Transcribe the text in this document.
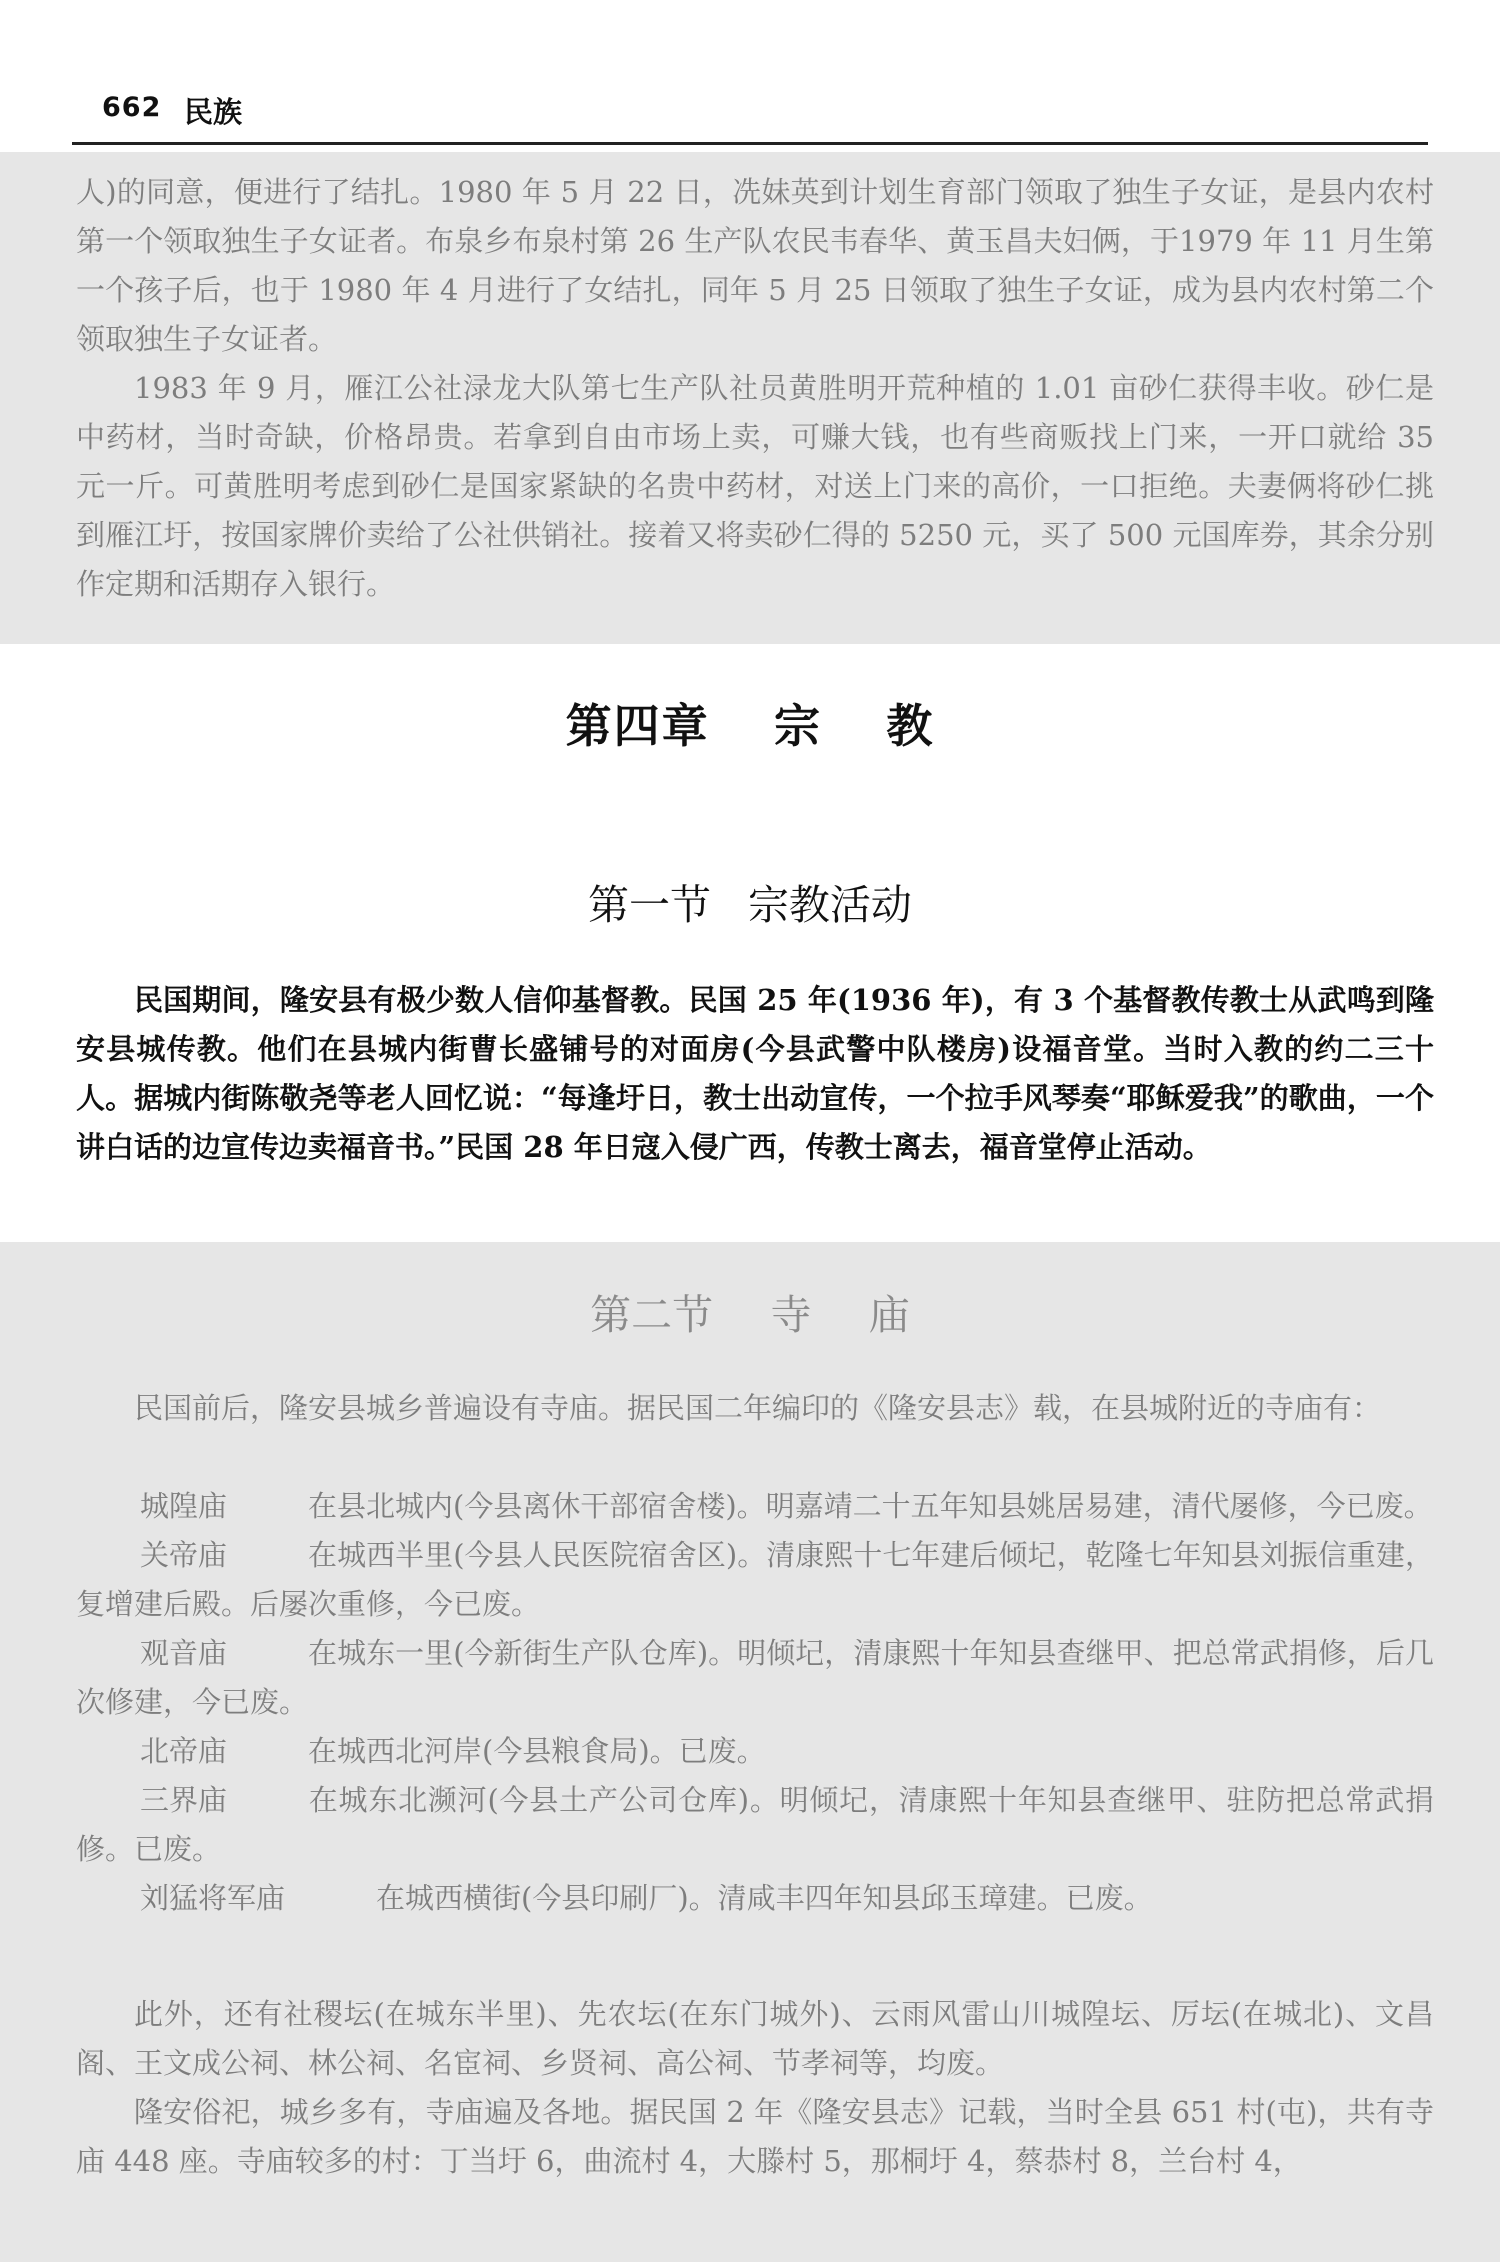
662 民族

人)的同意，便进行了结扎。1980 年 5 月 22 日，冼妹英到计划生育部门领取了独生子女证，是县内农村第一个领取独生子女证者。布泉乡布泉村第 26 生产队农民韦春华、黄玉昌夫妇俩，于1979 年 11 月生第一个孩子后，也于 1980 年 4 月进行了女结扎，同年 5 月 25 日领取了独生子女证，成为县内农村第二个领取独生子女证者。

1983 年 9 月，雁江公社渌龙大队第七生产队社员黄胜明开荒种植的 1.01 亩砂仁获得丰收。砂仁是中药材，当时奇缺，价格昂贵。若拿到自由市场上卖，可赚大钱，也有些商贩找上门来，一开口就给 35 元一斤。可黄胜明考虑到砂仁是国家紧缺的名贵中药材，对送上门来的高价，一口拒绝。夫妻俩将砂仁挑到雁江圩，按国家牌价卖给了公社供销社。接着又将卖砂仁得的 5250 元，买了 500 元国库券，其余分别作定期和活期存入银行。

第四章 宗 教
第一节 宗教活动

民国期间，隆安县有极少数人信仰基督教。民国 25 年(1936 年)，有 3 个基督教传教士从武鸣到隆安县城传教。他们在县城内街曹长盛铺号的对面房(今县武警中队楼房)设福音堂。当时入教的约二三十人。据城内街陈敬尧等老人回忆说：“每逢圩日，教士出动宣传，一个拉手风琴奏“耶稣爱我”的歌曲，一个讲白话的边宣传边卖福音书。”民国 28 年日寇入侵广西，传教士离去，福音堂停止活动。

第二节 寺 庙

民国前后，隆安县城乡普遍设有寺庙。据民国二年编印的《隆安县志》载，在县城附近的寺庙有：

城隍庙	在县北城内(今县离休干部宿舍楼)。明嘉靖二十五年知县姚居易建，清代屡修，今已废。
关帝庙	在城西半里(今县人民医院宿舍区)。清康熙十七年建后倾圮，乾隆七年知县刘振信重建，复增建后殿。后屡次重修，今已废。
观音庙	在城东一里(今新街生产队仓库)。明倾圮，清康熙十年知县查继甲、把总常武捐修，后几次修建，今已废。
北帝庙	在城西北河岸(今县粮食局)。已废。
三界庙	在城东北濒河(今县土产公司仓库)。明倾圮，清康熙十年知县查继甲、驻防把总常武捐修。已废。
刘猛将军庙	在城西横街(今县印刷厂)。清咸丰四年知县邱玉璋建。已废。

此外，还有社稷坛(在城东半里)、先农坛(在东门城外)、云雨风雷山川城隍坛、厉坛(在城北)、文昌阁、王文成公祠、林公祠、名宦祠、乡贤祠、高公祠、节孝祠等，均废。

隆安俗祀，城乡多有，寺庙遍及各地。据民国 2 年《隆安县志》记载，当时全县 651 村(屯)，共有寺庙 448 座。寺庙较多的村：丁当圩 6，曲流村 4，大滕村 5，那桐圩 4，蔡恭村 8，兰台村 4，
